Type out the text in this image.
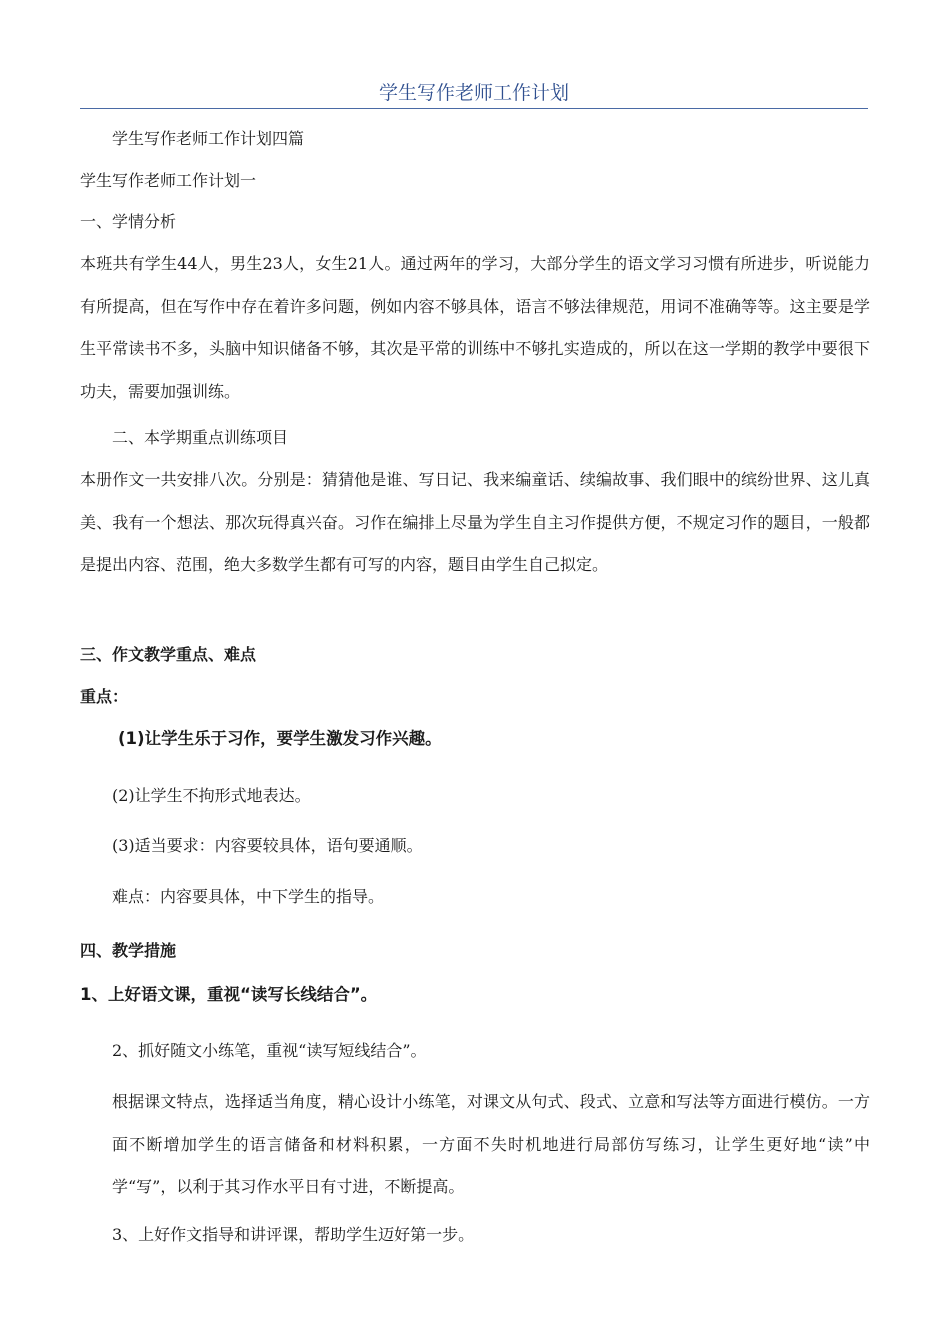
学生写作老师工作计划
学生写作老师工作计划四篇
学生写作老师工作计划一
一、学情分析
本班共有学生44人，男生23人，女生21人。通过两年的学习，大部分学生的语文学习习惯有所进步，听说能力有所提高，但在写作中存在着许多问题，例如内容不够具体，语言不够法律规范，用词不准确等等。这主要是学生平常读书不多，头脑中知识储备不够，其次是平常的训练中不够扎实造成的，所以在这一学期的教学中要很下功夫，需要加强训练。
二、本学期重点训练项目
本册作文一共安排八次。分别是：猜猜他是谁、写日记、我来编童话、续编故事、我们眼中的缤纷世界、这儿真美、我有一个想法、那次玩得真兴奋。习作在编排上尽量为学生自主习作提供方便，不规定习作的题目，一般都是提出内容、范围，绝大多数学生都有可写的内容，题目由学生自己拟定。
三、作文教学重点、难点
重点：
(1)让学生乐于习作，要学生激发习作兴趣。
(2)让学生不拘形式地表达。
(3)适当要求：内容要较具体，语句要通顺。
难点：内容要具体，中下学生的指导。
四、教学措施
1、上好语文课，重视“读写长线结合”。
2、抓好随文小练笔，重视“读写短线结合”。
根据课文特点，选择适当角度，精心设计小练笔，对课文从句式、段式、立意和写法等方面进行模仿。一方面不断增加学生的语言储备和材料积累，一方面不失时机地进行局部仿写练习，让学生更好地“读”中学“写”，以利于其习作水平日有寸进，不断提高。
3、上好作文指导和讲评课，帮助学生迈好第一步。
